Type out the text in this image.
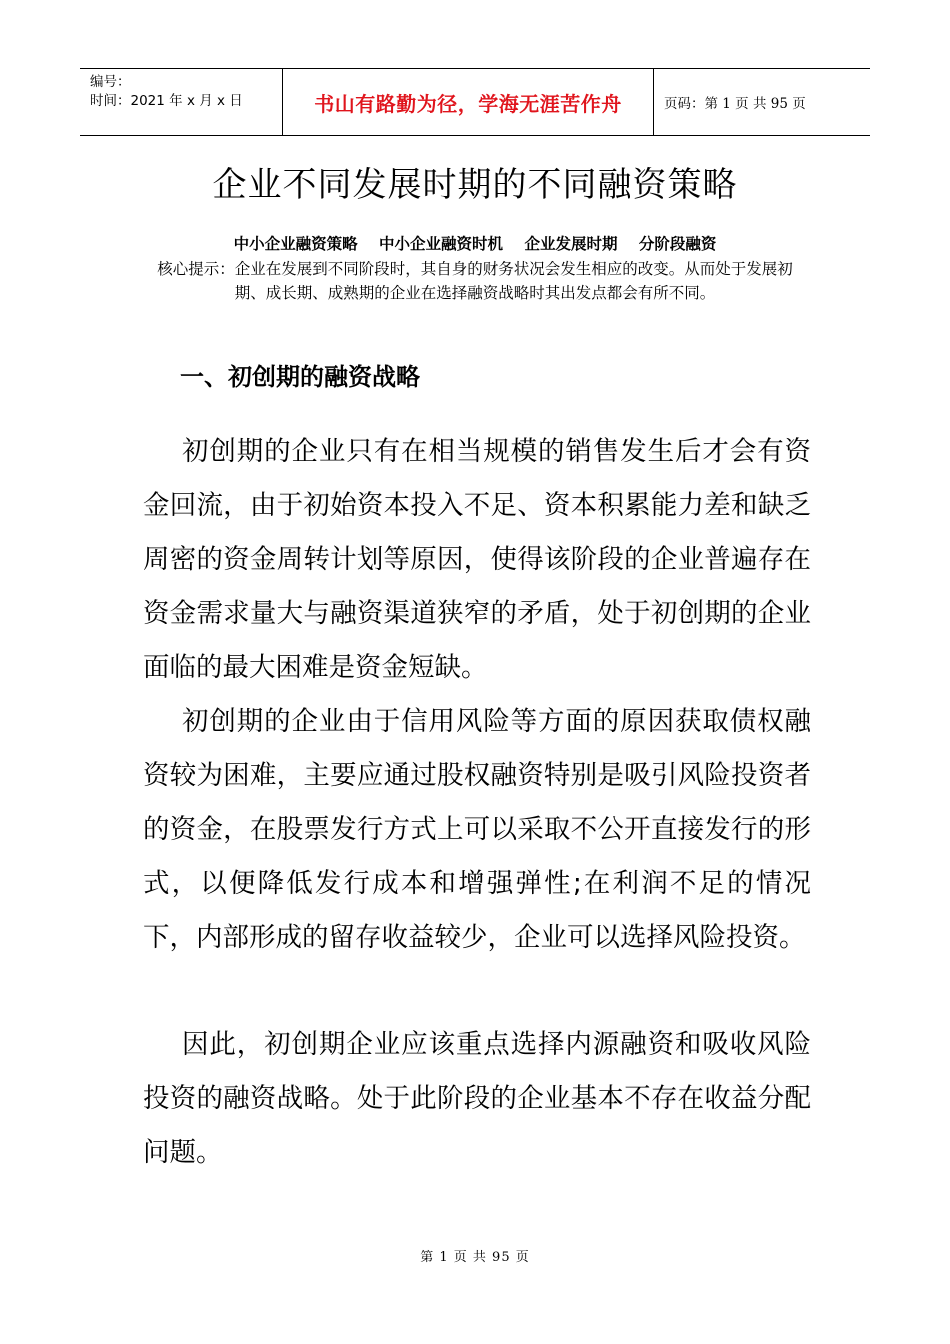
编号：
时间：2021 年 x 月 x 日	书山有路勤为径，学海无涯苦作舟	页码：第 1 页 共 95 页
企业不同发展时期的不同融资策略
中小企业融资策略 中小企业融资时机 企业发展时期 分阶段融资
核心提示：企业在发展到不同阶段时，其自身的财务状况会发生相应的改变。从而处于发展初期、成长期、成熟期的企业在选择融资战略时其出发点都会有所不同。
一、初创期的融资战略

初创期的企业只有在相当规模的销售发生后才会有资金回流，由于初始资本投入不足、资本积累能力差和缺乏周密的资金周转计划等原因，使得该阶段的企业普遍存在资金需求量大与融资渠道狭窄的矛盾，处于初创期的企业面临的最大困难是资金短缺。

初创期的企业由于信用风险等方面的原因获取债权融资较为困难，主要应通过股权融资特别是吸引风险投资者的资金，在股票发行方式上可以采取不公开直接发行的形式，以便降低发行成本和增强弹性;在利润不足的情况下，内部形成的留存收益较少，企业可以选择风险投资。

因此，初创期企业应该重点选择内源融资和吸收风险投资的融资战略。处于此阶段的企业基本不存在收益分配问题。

第 1 页 共 95 页
